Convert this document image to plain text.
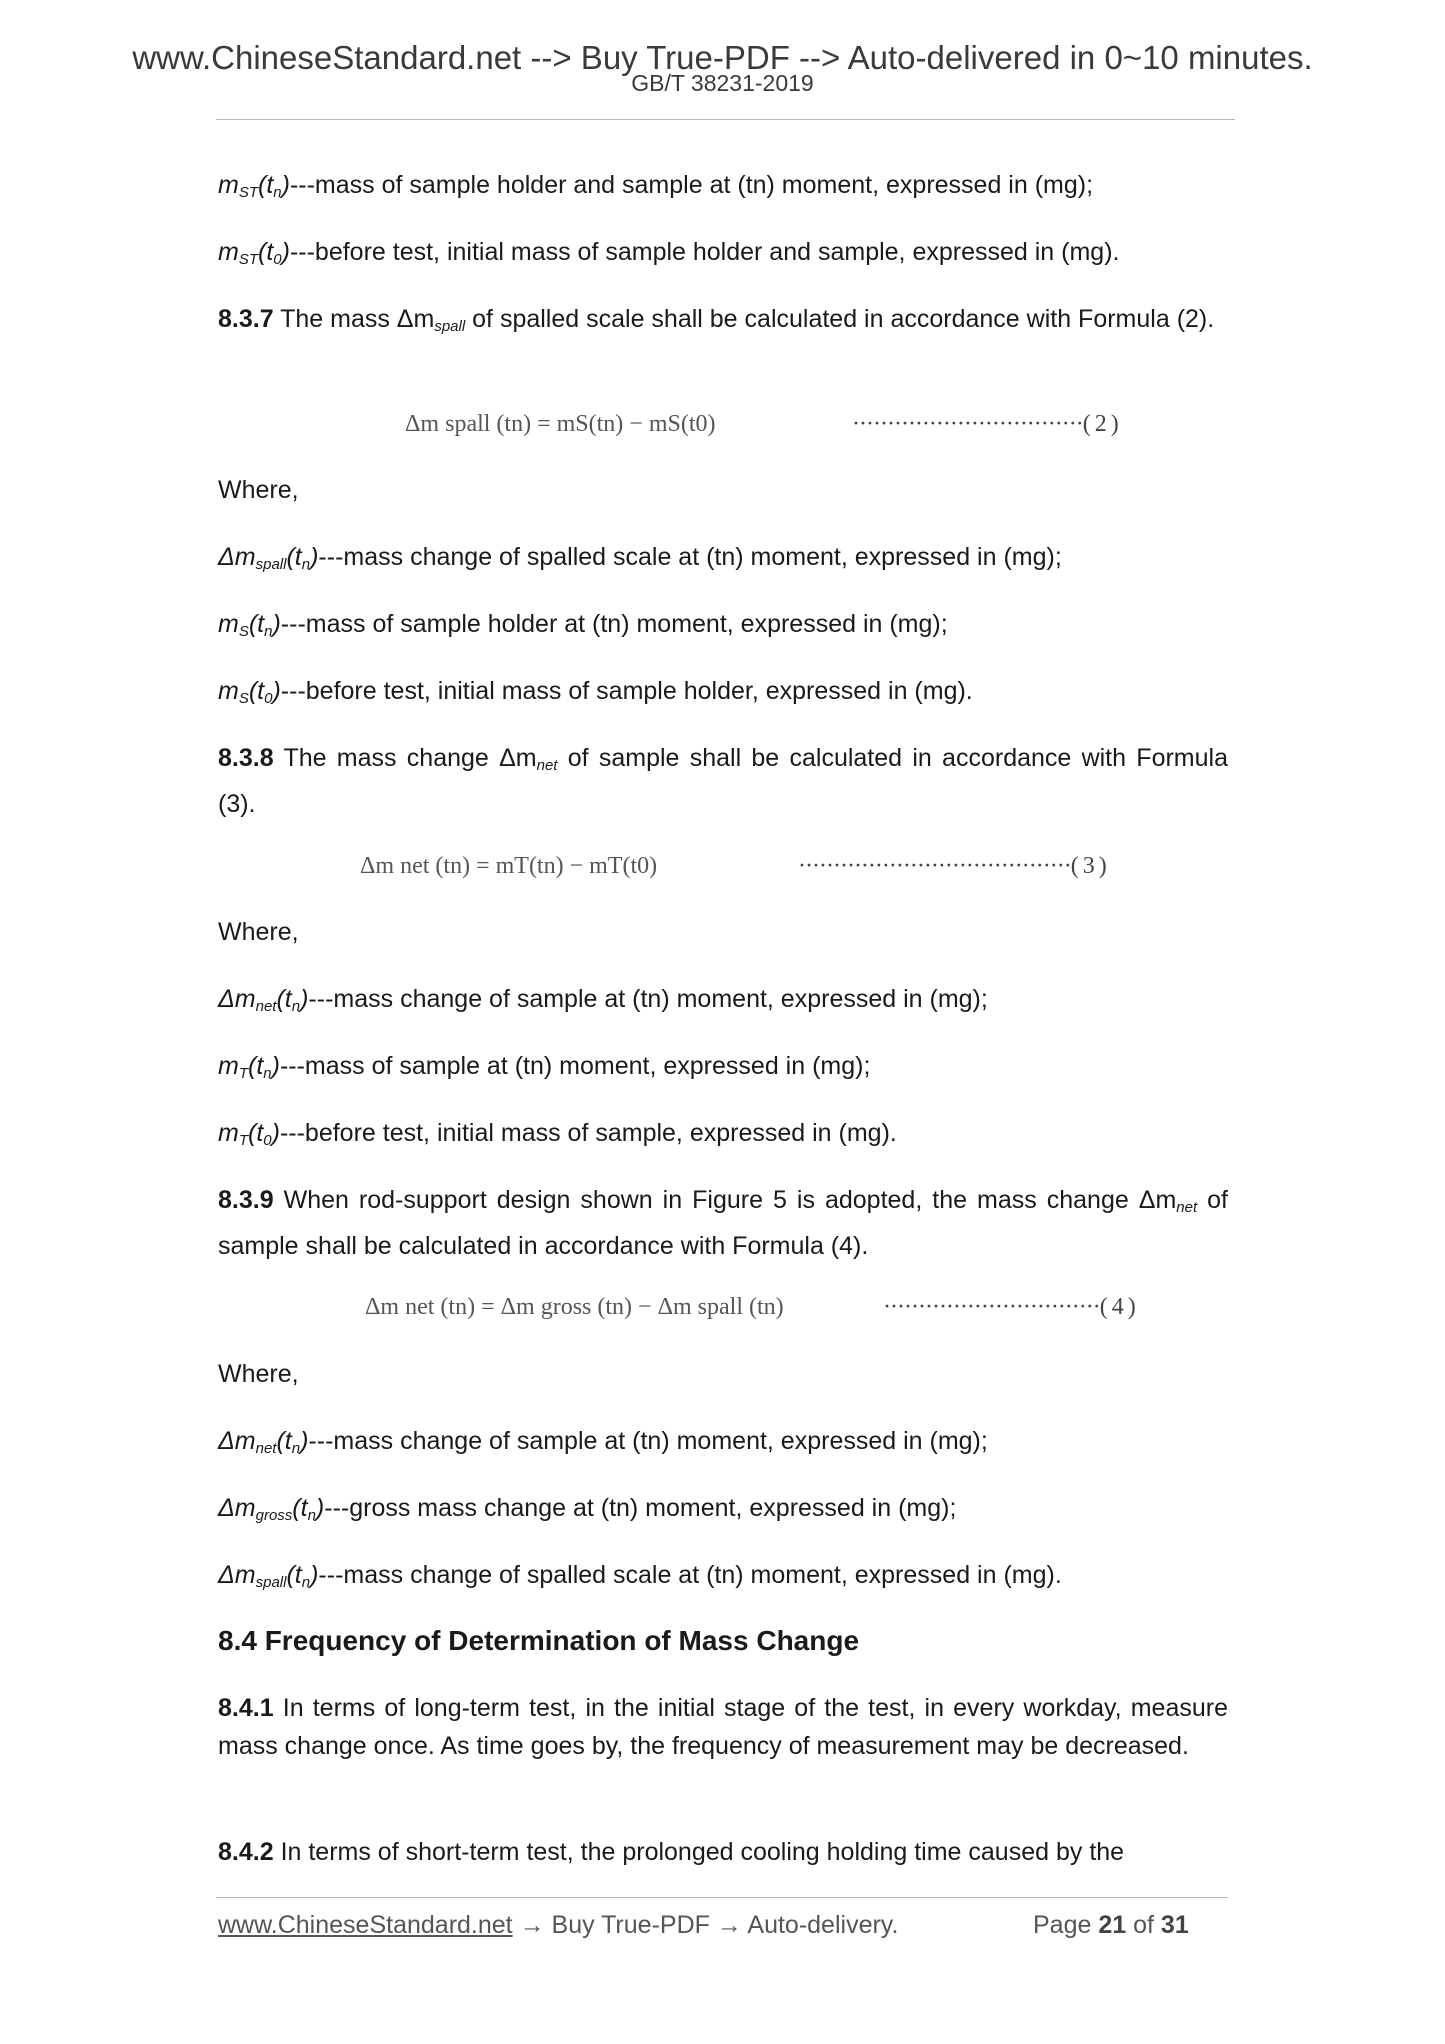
www.ChineseStandard.net --> Buy True-PDF --> Auto-delivered in 0~10 minutes.
GB/T 38231-2019

$m_{ST}(t_n)--$-mass of sample holder and sample at (tn) moment, expressed in (mg);

$m_{ST}(t_0)--$-before test, initial mass of sample holder and sample, expressed in (mg).

8.3.7 The mass $\Delta m_{spall}$ of spalled scale shall be calculated in accordance with Formula (2).

Δm spall (tn) = mS(tn) − mS(t0)	·································( 2 )

Where,

$\Delta m_{spall}(t_n)--$-mass change of spalled scale at (tn) moment, expressed in (mg);

$m_S(t_n)--$-mass of sample holder at (tn) moment, expressed in (mg);

$m_S(t_0)--$-before test, initial mass of sample holder, expressed in (mg).

8.3.8 The mass change $\Delta m_{net}$ of sample shall be calculated in accordance with Formula (3).

Δm net (tn) = mT(tn) − mT(t0)	·······································( 3 )

Where,

$\Delta m_{net}(t_n)--$-mass change of sample at (tn) moment, expressed in (mg);

$m_T(t_n)--$-mass of sample at (tn) moment, expressed in (mg);

$m_T(t_0)--$-before test, initial mass of sample, expressed in (mg).

8.3.9 When rod-support design shown in Figure 5 is adopted, the mass change $\Delta m_{net}$ of sample shall be calculated in accordance with Formula (4).

Δm net (tn) = Δm gross (tn) − Δm spall (tn)	·······························( 4 )

Where,

$\Delta m_{net}(t_n)--$-mass change of sample at (tn) moment, expressed in (mg);

$\Delta m_{gross}(t_n)--$-gross mass change at (tn) moment, expressed in (mg);

$\Delta m_{spall}(t_n)--$-mass change of spalled scale at (tn) moment, expressed in (mg).

8.4 Frequency of Determination of Mass Change

8.4.1 In terms of long-term test, in the initial stage of the test, in every workday, measure mass change once. As time goes by, the frequency of measurement may be decreased.

8.4.2 In terms of short-term test, the prolonged cooling holding time caused by the

www.ChineseStandard.net → Buy True-PDF → Auto-delivery.	Page 21 of 31
